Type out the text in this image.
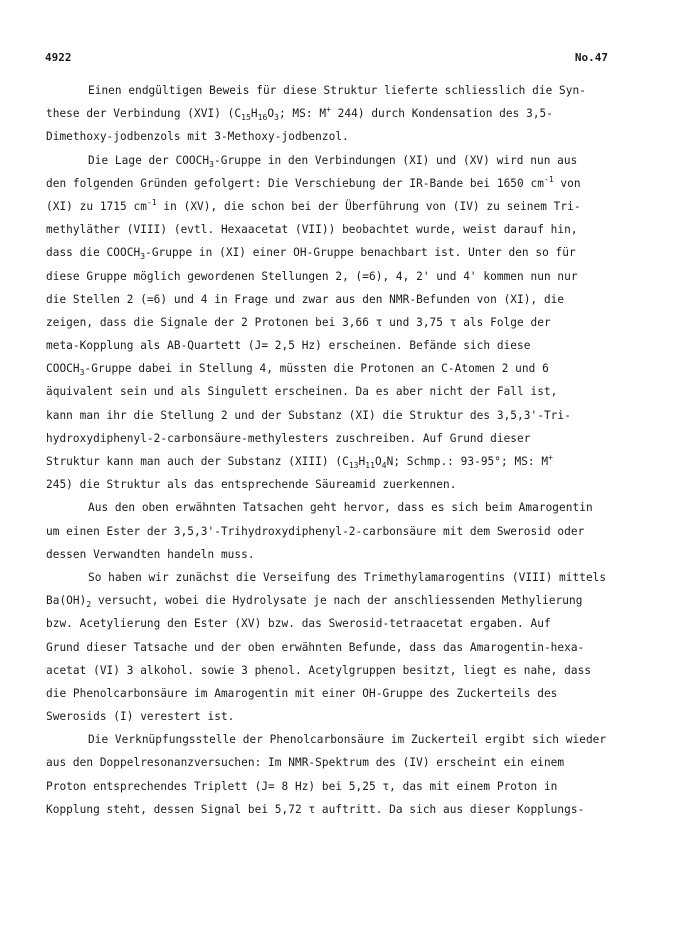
4922	No.47
Einen endgültigen Beweis für diese Struktur lieferte schliesslich die Syn-
these der Verbindung (XVI) ($C_{15}H_{16}O_3$; MS: M+ 244) durch Kondensation des 3,5-
Dimethoxy-jodbenzols mit 3-Methoxy-jodbenzol.
Die Lage der $COOCH_3$-Gruppe in den Verbindungen (XI) und (XV) wird nun aus
den folgenden Gründen gefolgert: Die Verschiebung der IR-Bande bei 1650 $cm^{-1}$ von
(XI) zu 1715 $cm^{-1}$ in (XV), die schon bei der Überführung von (IV) zu seinem Tri-
methyläther (VIII) (evtl. Hexaacetat (VII)) beobachtet wurde, weist darauf hin,
dass die $COOCH_3$-Gruppe in (XI) einer OH-Gruppe benachbart ist. Unter den so für
diese Gruppe möglich gewordenen Stellungen 2, (=6), 4, 2' und 4' kommen nun nur
die Stellen 2 (=6) und 4 in Frage und zwar aus den NMR-Befunden von (XI), die
zeigen, dass die Signale der 2 Protonen bei 3,66 τ und 3,75 τ als Folge der
meta-Kopplung als AB-Quartett (J= 2,5 Hz) erscheinen. Befände sich diese
$COOCH_3$-Gruppe dabei in Stellung 4, müssten die Protonen an C-Atomen 2 und 6
äquivalent sein und als Singulett erscheinen. Da es aber nicht der Fall ist,
kann man ihr die Stellung 2 und der Substanz (XI) die Struktur des 3,5,3'-Tri-
hydroxydiphenyl-2-carbonsäure-methylesters zuschreiben. Auf Grund dieser
Struktur kann man auch der Substanz (XIII) ($C_{13}H_{11}O_4N$; Schmp.: 93-95°; MS: M+
245) die Struktur als das entsprechende Säureamid zuerkennen.
Aus den oben erwähnten Tatsachen geht hervor, dass es sich beim Amarogentin
um einen Ester der 3,5,3'-Trihydroxydiphenyl-2-carbonsäure mit dem Swerosid oder
dessen Verwandten handeln muss.
So haben wir zunächst die Verseifung des Trimethylamarogentins (VIII) mittels
$Ba(OH)_2$ versucht, wobei die Hydrolysate je nach der anschliessenden Methylierung
bzw. Acetylierung den Ester (XV) bzw. das Swerosid-tetraacetat ergaben. Auf
Grund dieser Tatsache und der oben erwähnten Befunde, dass das Amarogentin-hexa-
acetat (VI) 3 alkohol. sowie 3 phenol. Acetylgruppen besitzt, liegt es nahe, dass
die Phenolcarbonsäure im Amarogentin mit einer OH-Gruppe des Zuckerteils des
Swerosids (I) verestert ist.
Die Verknüpfungsstelle der Phenolcarbonsäure im Zuckerteil ergibt sich wieder
aus den Doppelresonanzversuchen: Im NMR-Spektrum des (IV) erscheint ein einem
Proton entsprechendes Triplett (J= 8 Hz) bei 5,25 τ, das mit einem Proton in
Kopplung steht, dessen Signal bei 5,72 τ auftritt. Da sich aus dieser Kopplungs-
